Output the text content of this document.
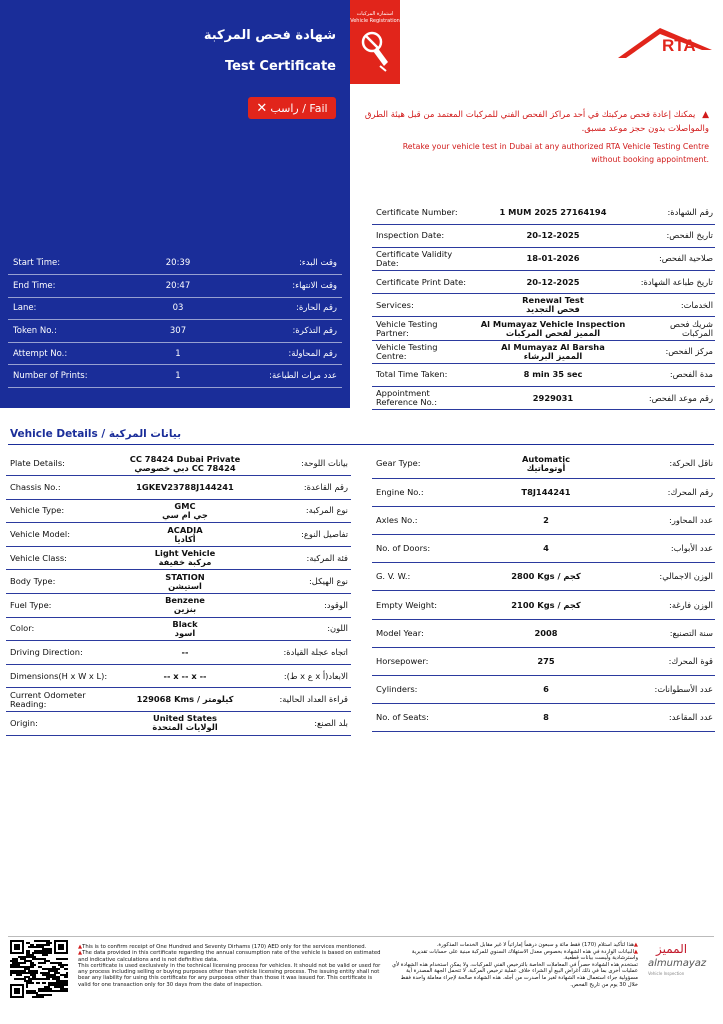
شهادة فحص المركبة
Test Certificate
✕ راسب / Fail
Start Time:	20:39	وقت البدء:
End Time:	20:47	وقت الانتهاء:
Lane:	03	رقم الحارة:
Token No.:	307	رقم التذكرة:
Attempt No.:	1	رقم المحاولة:
Number of Prints:	1	عدد مرات الطباعة:
استمارة المركبات
Vehicle Registration
RTA
▲ يمكنك إعادة فحص مركبتك في أحد مراكز الفحص الفني للمركبات المعتمد من قبل هيئة الطرق والمواصلات بدون حجز موعد مسبق.
Retake your vehicle test in Dubai at any authorized RTA Vehicle Testing Centre
without booking appointment.
Certificate Number:	1 MUM 2025 27164194	رقم الشهادة:
Inspection Date:	20-12-2025	تاريخ الفحص:
Certificate Validity Date:	18-01-2026	صلاحية الفحص:
Certificate Print Date:	20-12-2025	تاريخ طباعة الشهادة:
Services:	Renewal Test
فحص التجديد	الخدمات:
Vehicle Testing Partner:	Al Mumayaz Vehicle Inspection
المميز لفحص المركبات	شريك فحص المركبات
Vehicle Testing Centre:	Al Mumayaz Al Barsha
المميز البرشاء	مركز الفحص:
Total Time Taken:	8 min 35 sec	مدة الفحص:
Appointment Reference No.:	2929031	رقم موعد الفحص:
Vehicle Details / بيانات المركبة
Plate Details:	CC 78424 Dubai Private
CC 78424 دبي خصوصي	بيانات اللوحة:
Chassis No.:	1GKEV23788J144241	رقم القاعدة:
Vehicle Type:	GMC
جي ام سي	نوع المركبة:
Vehicle Model:	ACADIA
أكاديا	تفاصيل النوع:
Vehicle Class:	Light Vehicle
مركبة خفيفة	فئة المركبة:
Body Type:	STATION
استيشن	نوع الهيكل:
Fuel Type:	Benzene
بنزين	الوقود:
Color:	Black
اسود	اللون:
Driving Direction:	--	اتجاه عجلة القيادة:
Dimensions(H x W x L):	-- x -- x --	الابعاد(أ x ع x ط):
Current Odometer Reading:	129068 Kms / كيلومتر	قراءة العداد الحالية:
Origin:	United States
الولايات المتحدة	بلد الصنع:
Gear Type:	Automatic
أوتوماتيك	ناقل الحركة:
Engine No.:	T8J144241	رقم المحرك:
Axles No.:	2	عدد المحاور:
No. of Doors:	4	عدد الأبواب:
G. V. W.:	2800 Kgs / كجم	الوزن الاجمالي:
Empty Weight:	2100 Kgs / كجم	الوزن فارغة:
Model Year:	2008	سنة التصنيع:
Horsepower:	275	قوة المحرك:
Cylinders:	6	عدد الأسطوانات:
No. of Seats:	8	عدد المقاعد:
▲This is to confirm receipt of One Hundred and Seventy Dirhams (170) AED only for the services mentioned.
▲The data provided in this certificate regarding the annual consumption rate of the vehicle is based on estimated and indicative calculations and is not definitive data.
This certificate is used exclusively in the technical licensing process for vehicles. It should not be valid or used for any process including selling or buying purposes other than vehicle licensing process. The issuing entity shall not bear any liability for using this certificate for any purposes other than those it was issued for. This certificate is valid for one transaction only for 30 days from the date of inspection.
▲هذا لتأكيد استلام (170) فقط مائة و سبعون درهماً إماراتياً لا غير مقابل الخدمات المذكورة.
▲البيانات الواردة في هذه الشهادة بخصوص معدل الاستهلاك السنوي للمركبة مبنية على حسابات تقديرية واسترشادية وليست بيانات قطعية.
تستخدم هذه الشهادة حصراً في المعاملات الخاصة بالترخيص الفني للمركبات، ولا يمكن استخدام هذه الشهادة لأي عمليات أخرى بما في ذلك أغراض البيع أو الشراء خلاف عملية ترخيص المركبة. لا تتحمل الجهة المصدرة أية مسؤولية جراء استعمال هذه الشهادة لغير ما أصدرت من أجله. هذه الشهادة صالحة لإجراء معاملة واحدة فقط خلال 30 يوم من تاريخ الفحص.
المميز
almumayaz
Vehicle Inspection
